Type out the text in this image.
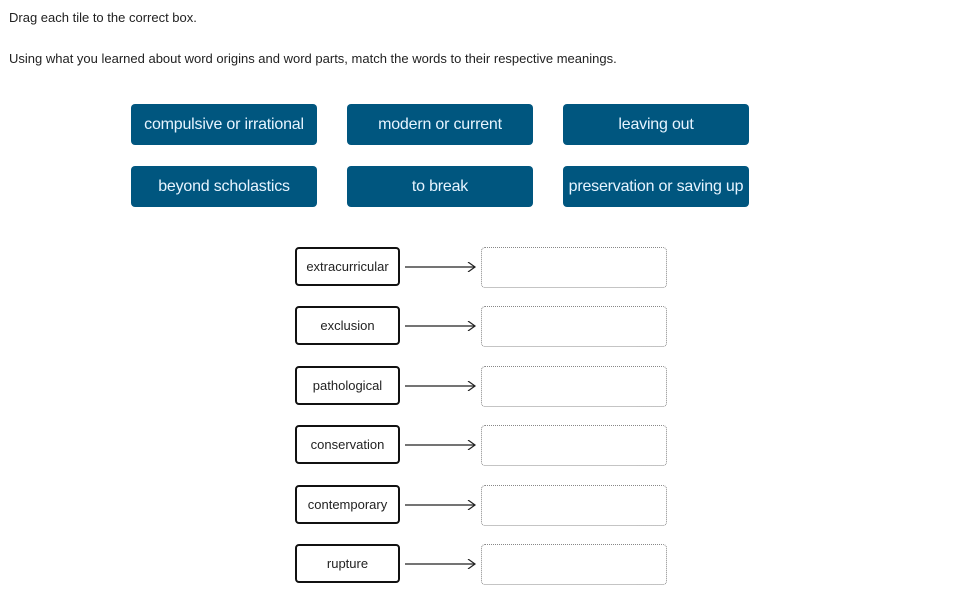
Drag each tile to the correct box.

Using what you learned about word origins and word parts, match the words to their respective meanings.

compulsive or irrational	modern or current	leaving out
beyond scholastics	to break	preservation or saving up
extracurricular
exclusion
pathological
conservation
contemporary
rupture
